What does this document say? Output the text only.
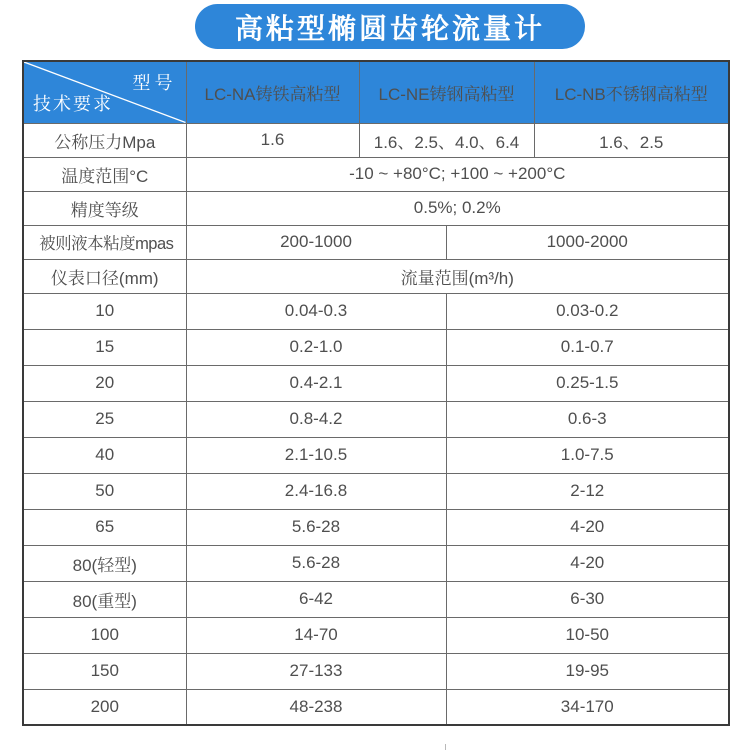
高粘型椭圆齿轮流量计
型号
技术要求	LC-NA铸铁高粘型	LC-NE铸钢高粘型		LC-NB不锈钢高粘型
公称压力Mpa	1.6	1.6、2.5、4.0、6.4		1.6、2.5
温度范围°C	-10 ~ +80°C; +100 ~ +200°C			
精度等级	0.5%; 0.2%			
被则液本粘度mpas	200-1000		1000-2000	
仪表口径(mm)	流量范围(m³/h)			
10	0.04-0.3		0.03-0.2	
15	0.2-1.0		0.1-0.7	
20	0.4-2.1		0.25-1.5	
25	0.8-4.2		0.6-3	
40	2.1-10.5		1.0-7.5	
50	2.4-16.8		2-12	
65	5.6-28		4-20	
80(轻型)	5.6-28		4-20	
80(重型)	6-42		6-30	
100	14-70		10-50	
150	27-133		19-95	
200	48-238		34-170	
